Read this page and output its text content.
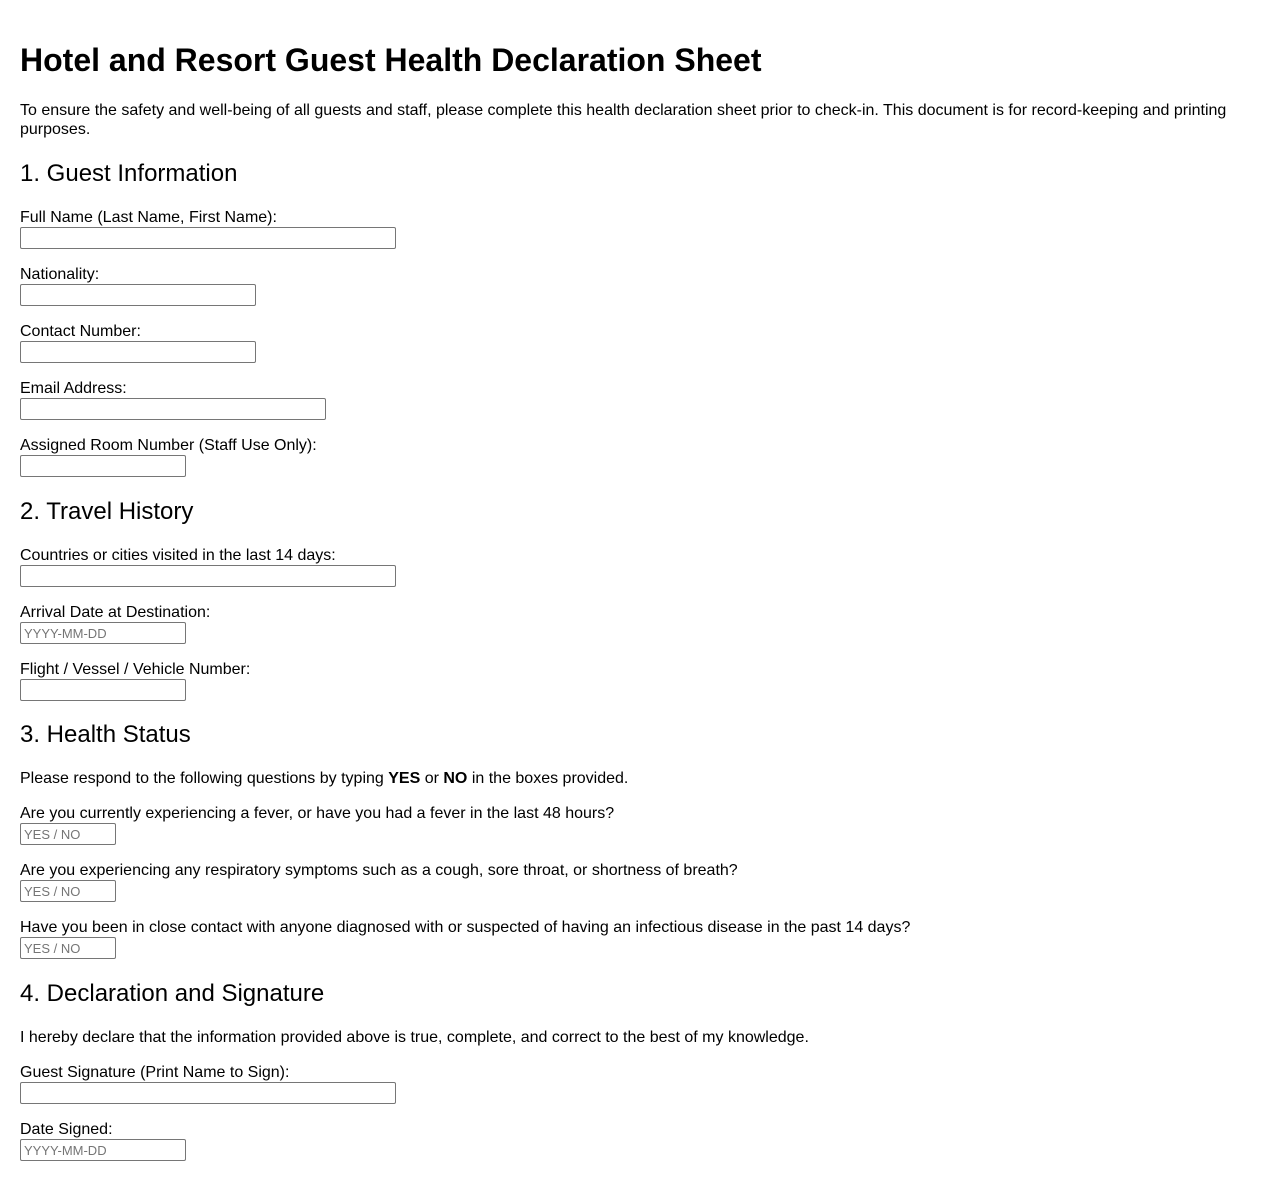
Hotel and Resort Guest Health Declaration Sheet

To ensure the safety and well-being of all guests and staff, please complete this health declaration sheet prior to check-in. This document is for record-keeping and printing purposes.

1. Guest Information
Full Name (Last Name, First Name):
Nationality:
Contact Number:
Email Address:
Assigned Room Number (Staff Use Only):
2. Travel History
Countries or cities visited in the last 14 days:
Arrival Date at Destination:
YYYY-MM-DD
Flight / Vessel / Vehicle Number:
3. Health Status

Please respond to the following questions by typing YES or NO in the boxes provided.

Are you currently experiencing a fever, or have you had a fever in the last 48 hours?
YES / NO
Are you experiencing any respiratory symptoms such as a cough, sore throat, or shortness of breath?
YES / NO
Have you been in close contact with anyone diagnosed with or suspected of having an infectious disease in the past 14 days?
YES / NO
4. Declaration and Signature

I hereby declare that the information provided above is true, complete, and correct to the best of my knowledge.

Guest Signature (Print Name to Sign):
Date Signed:
YYYY-MM-DD
